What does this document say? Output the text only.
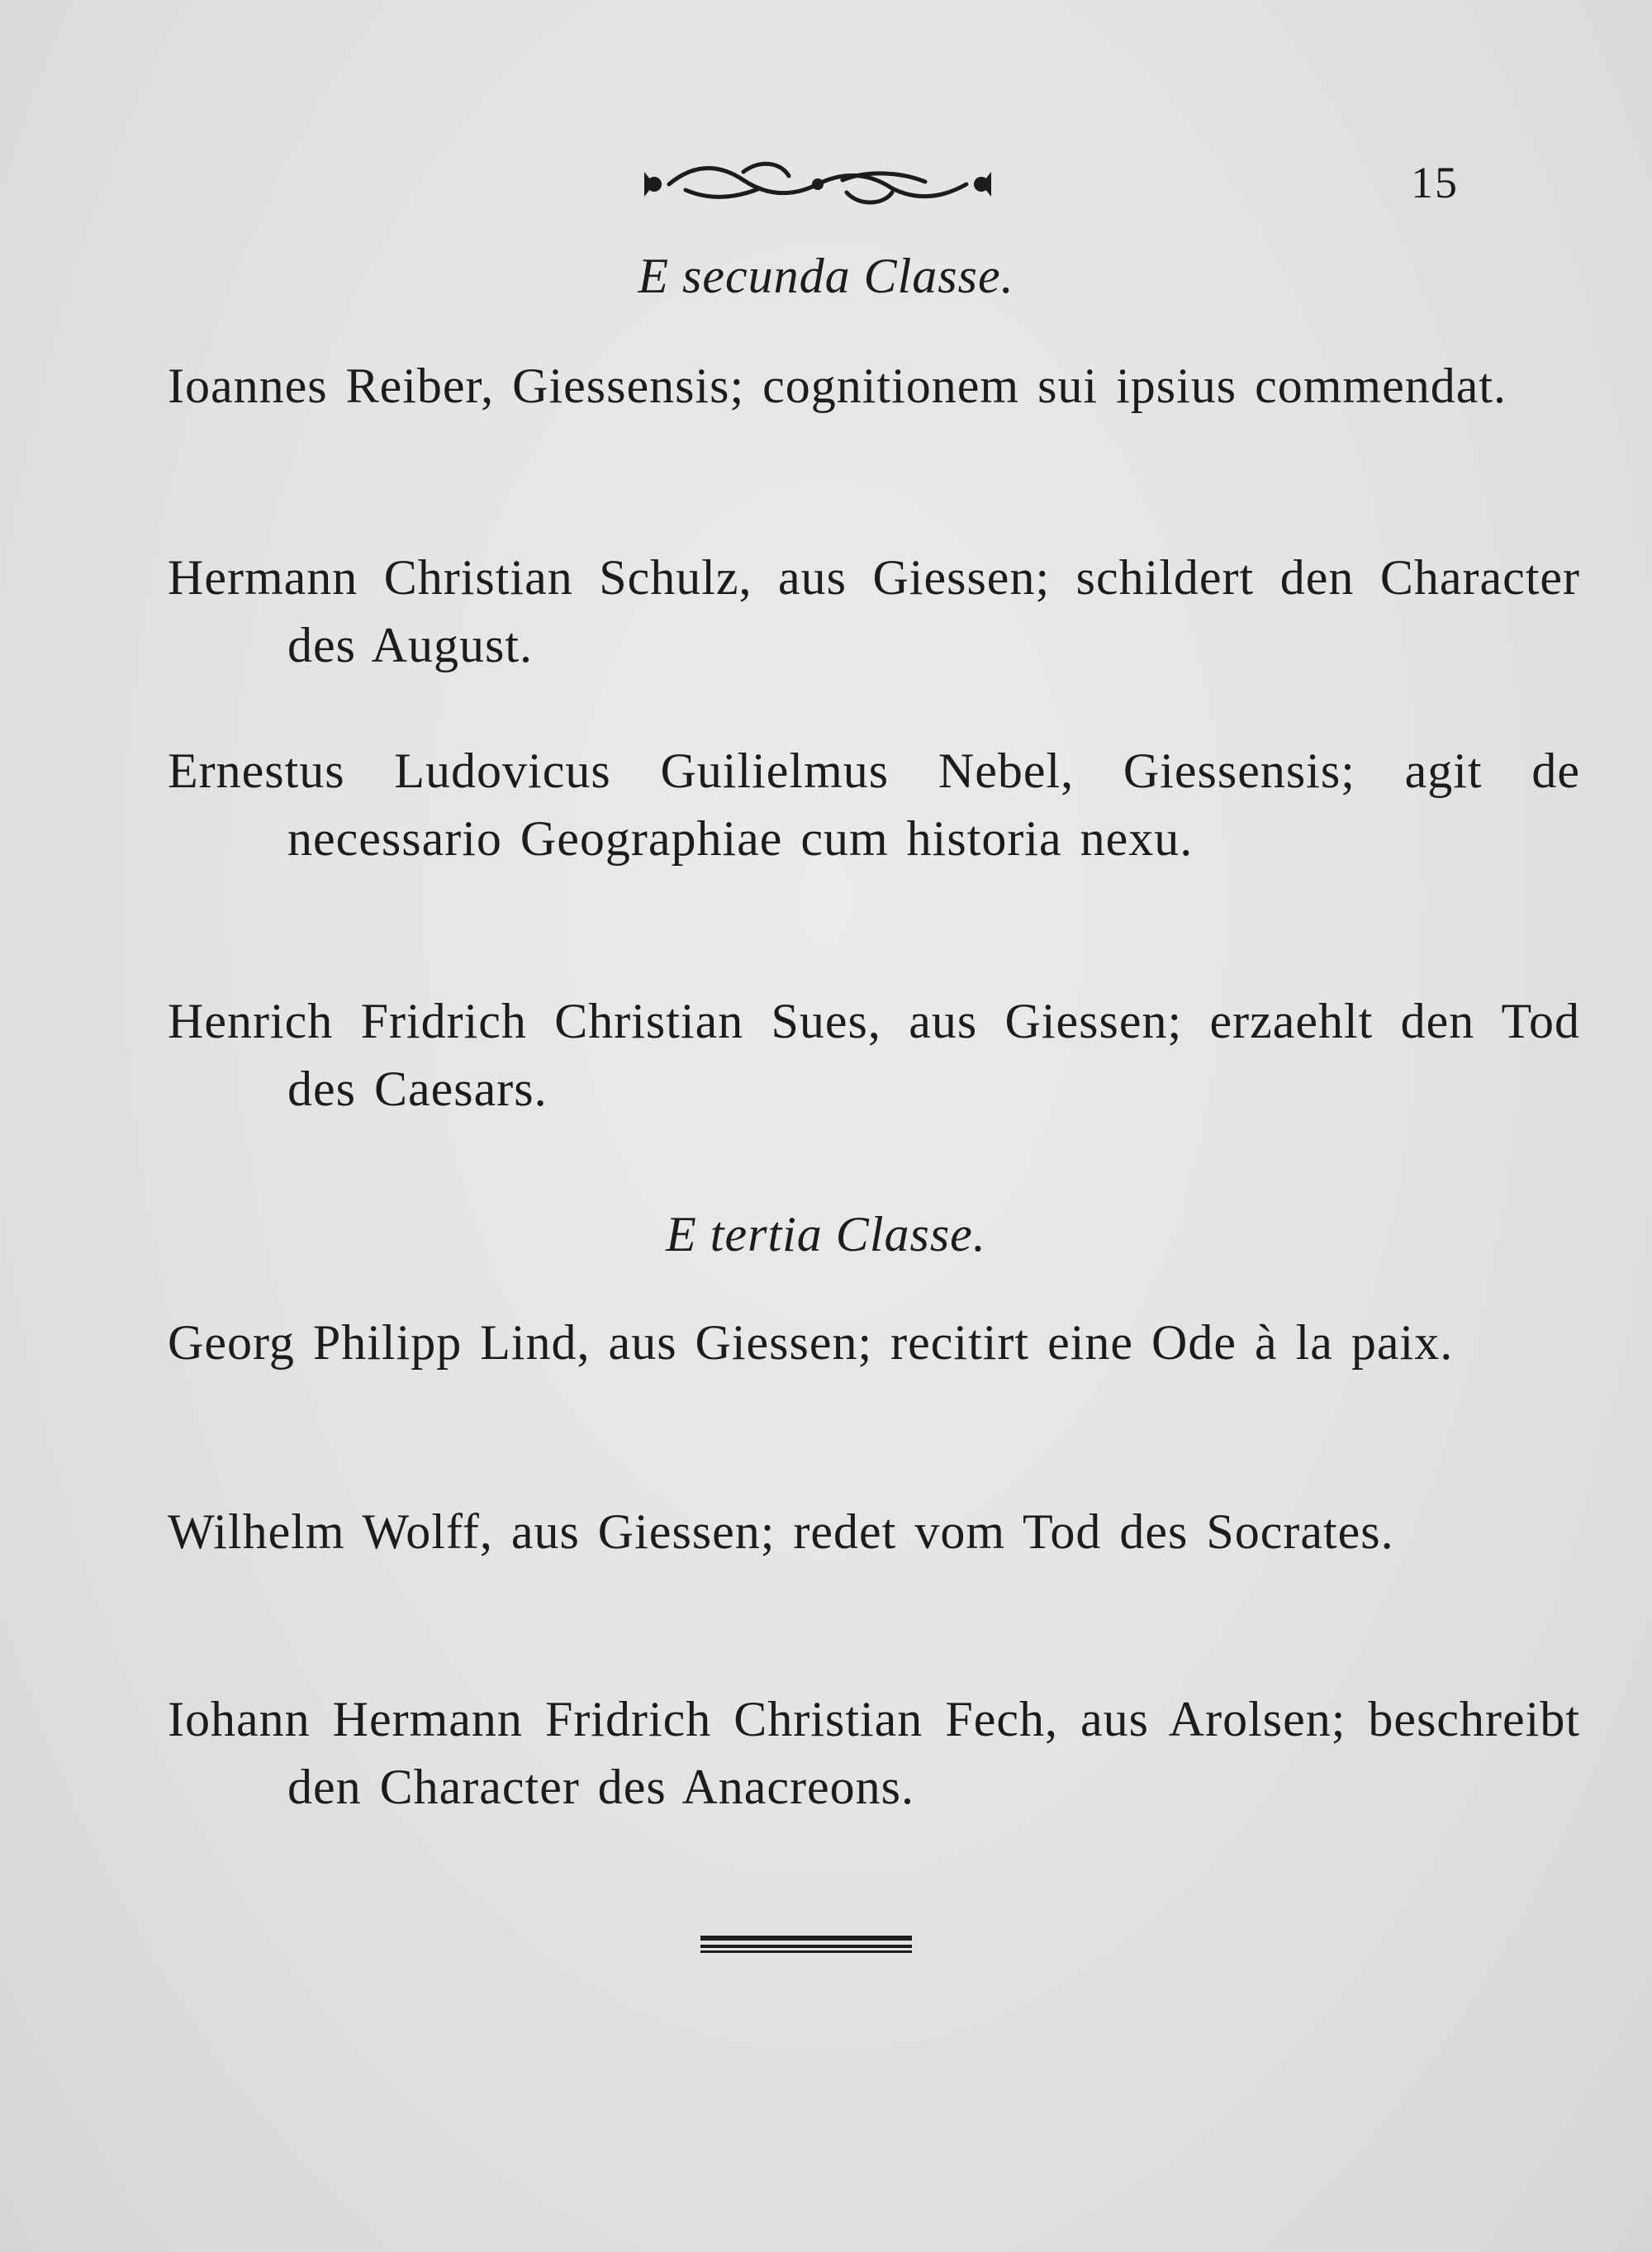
15
E secunda Classe.
Ioannes Reiber, Giessensis; cognitionem sui ipsius commendat.
Hermann Christian Schulz, aus Giessen; schildert den Character des August.
Ernestus Ludovicus Guilielmus Nebel, Giessensis; agit de necessario Geographiae cum historia nexu.
Henrich Fridrich Christian Sues, aus Giessen; erzaehlt den Tod des Caesars.
E tertia Classe.
Georg Philipp Lind, aus Giessen; recitirt eine Ode à la paix.
Wilhelm Wolff, aus Giessen; redet vom Tod des Socrates.
Iohann Hermann Fridrich Christian Fech, aus Arolsen; beschreibt den Character des Anacreons.
